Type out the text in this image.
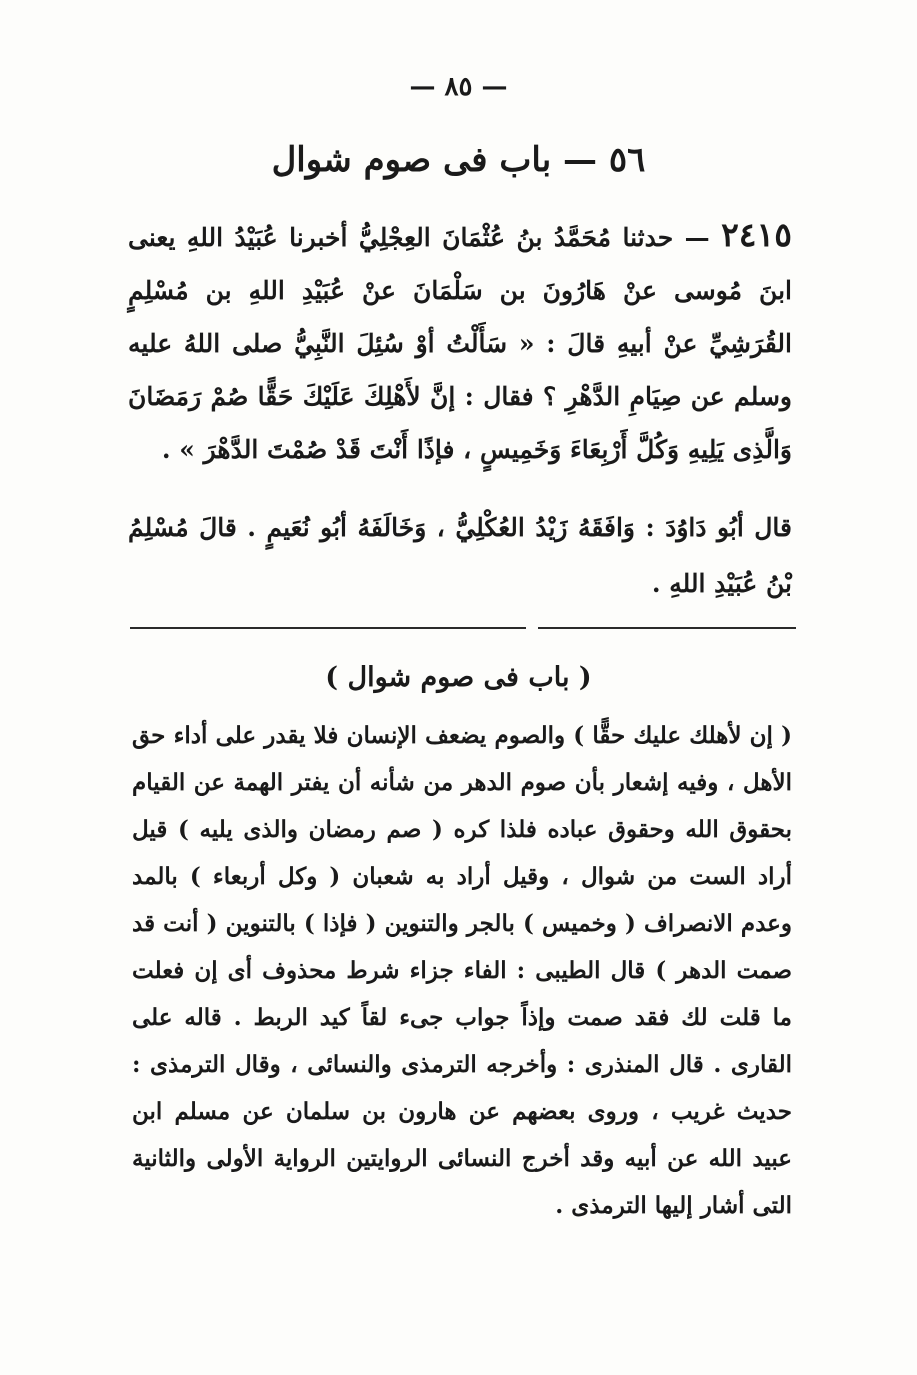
— ٨٥ —
٥٦ — باب فى صوم شوال
٢٤١٥ — حدثنا مُحَمَّدُ بنُ عُثْمَانَ العِجْلِيُّ أخبرنا عُبَيْدُ اللهِ يعنى ابنَ مُوسى عنْ هَارُونَ بن سَلْمَانَ عنْ عُبَيْدِ اللهِ بن مُسْلِمٍ القُرَشِيِّ عنْ أبيهِ قالَ : « سَأَلْتُ أوْ سُئِلَ النَّبِيُّ صلى اللهُ عليه وسلم عن صِيَامِ الدَّهْرِ ؟ فقال : إنَّ لأَهْلِكَ عَلَيْكَ حَقًّا صُمْ رَمَضَانَ وَالَّذِى يَلِيهِ وَكُلَّ أَرْبِعَاءَ وَخَمِيسٍ ، فإذًا أَنْتَ قَدْ صُمْتَ الدَّهْرَ » .
قال أبُو دَاوُدَ : وَافَقَهُ زَيْدُ العُكْلِيُّ ، وَخَالَفَهُ أبُو نُعَيمٍ . قالَ مُسْلِمُ بْنُ عُبَيْدِ اللهِ .
( باب فى صوم شوال )
( إن لأهلك عليك حقًّا ) والصوم يضعف الإنسان فلا يقدر على أداء حق الأهل ، وفيه إشعار بأن صوم الدهر من شأنه أن يفتر الهمة عن القيام بحقوق الله وحقوق عباده فلذا كره ( صم رمضان والذى يليه ) قيل أراد الست من شوال ، وقيل أراد به شعبان ( وكل أربعاء ) بالمد وعدم الانصراف ( وخميس ) بالجر والتنوين ( فإذا ) بالتنوين ( أنت قد صمت الدهر ) قال الطيبى : الفاء جزاء شرط محذوف أى إن فعلت ما قلت لك فقد صمت وإذاً جواب جىء لقاً كيد الربط . قاله على القارى . قال المنذرى : وأخرجه الترمذى والنسائى ، وقال الترمذى : حديث غريب ، وروى بعضهم عن هارون بن سلمان عن مسلم ابن عبيد الله عن أبيه وقد أخرج النسائى الروايتين الرواية الأولى والثانية التى أشار إليها الترمذى .
